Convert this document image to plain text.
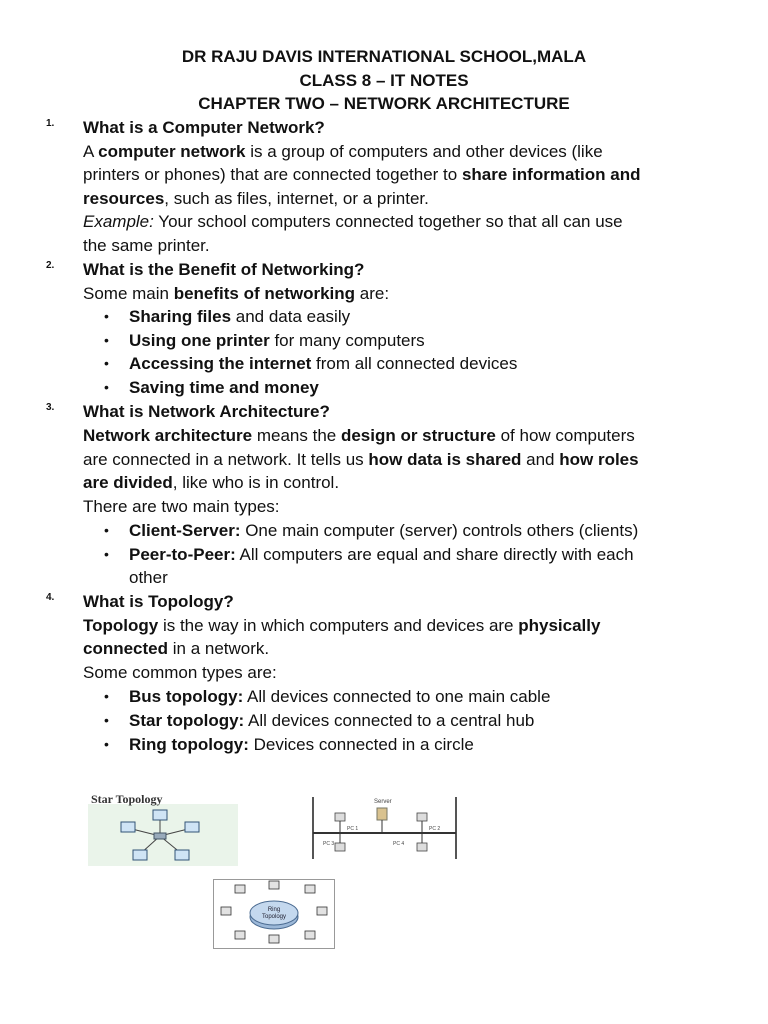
DR RAJU DAVIS INTERNATIONAL SCHOOL,MALA
CLASS 8 – IT NOTES
CHAPTER TWO – NETWORK ARCHITECTURE
1. What is a Computer Network?
A computer network is a group of computers and other devices (like
printers or phones) that are connected together to share information and
resources, such as files, internet, or a printer.
Example: Your school computers connected together so that all can use
the same printer.
2. What is the Benefit of Networking?
Some main benefits of networking are:
• Sharing files and data easily
• Using one printer for many computers
• Accessing the internet from all connected devices
• Saving time and money
3. What is Network Architecture?
Network architecture means the design or structure of how computers
are connected in a network. It tells us how data is shared and how roles
are divided, like who is in control.
There are two main types:
• Client-Server: One main computer (server) controls others (clients)
• Peer-to-Peer: All computers are equal and share directly with each
other
4. What is Topology?
Topology is the way in which computers and devices are physically
connected in a network.
Some common types are:
• Bus topology: All devices connected to one main cable
• Star topology: All devices connected to a central hub
• Ring topology: Devices connected in a circle
Star Topology	Server
PC 1	PC 2
PC 3	PC 4
Ring
Topology
